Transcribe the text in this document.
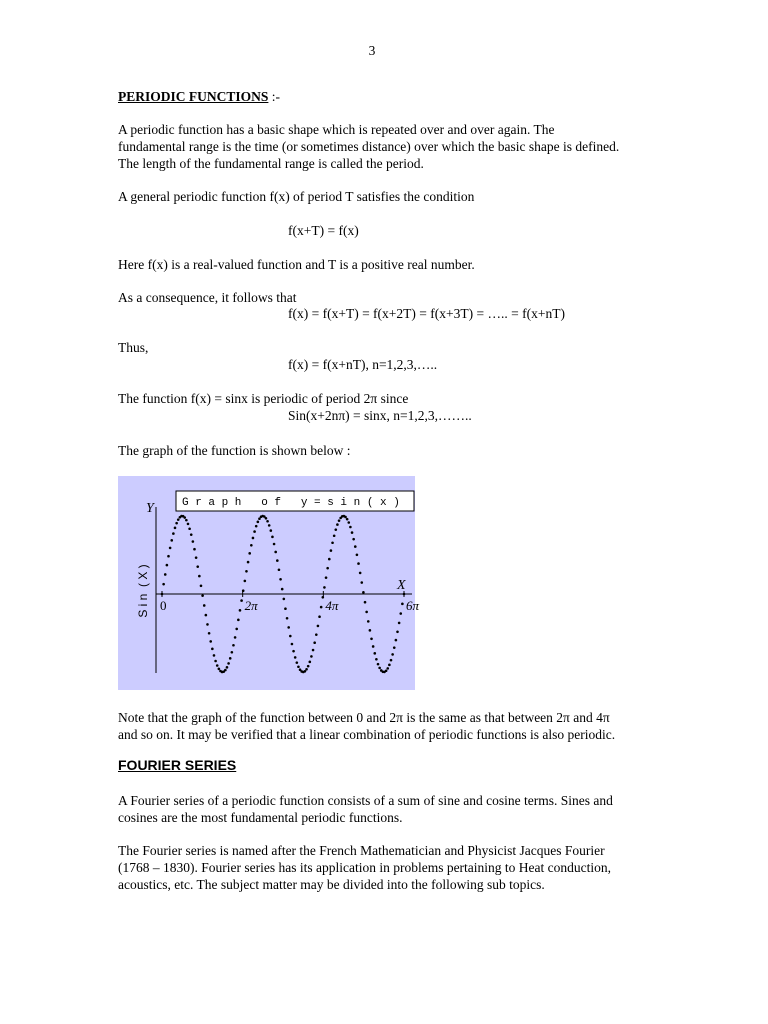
3
PERIODIC FUNCTIONS :-
A periodic function has a basic shape which is repeated over and over again. The
fundamental range is the time (or sometimes distance) over which the basic shape is defined.
The length of the fundamental range is called the period.
A general periodic function f(x) of period T satisfies the condition
f(x+T) = f(x)
Here f(x) is a real-valued function and T is a positive real number.
As a consequence, it follows that
f(x) = f(x+T) = f(x+2T) = f(x+3T) = ….. = f(x+nT)
Thus,
f(x) = f(x+nT), n=1,2,3,…..
The function f(x) = sinx is periodic of period 2π since
Sin(x+2nπ) = sinx, n=1,2,3,……..
The graph of the function is shown below :
G r a p h   o f   y = s i n ( x )
Y
X
S i n  ( X ) 0	2π	4π	6π
Note that the graph of the function between 0 and 2π is the same as that between 2π and 4π
and so on. It may be verified that a linear combination of periodic functions is also periodic.
FOURIER SERIES
A Fourier series of a periodic function consists of a sum of sine and cosine terms. Sines and
cosines are the most fundamental periodic functions.
The Fourier series is named after the French Mathematician and Physicist Jacques Fourier
(1768 – 1830). Fourier series has its application in problems pertaining to Heat conduction,
acoustics, etc. The subject matter may be divided into the following sub topics.
